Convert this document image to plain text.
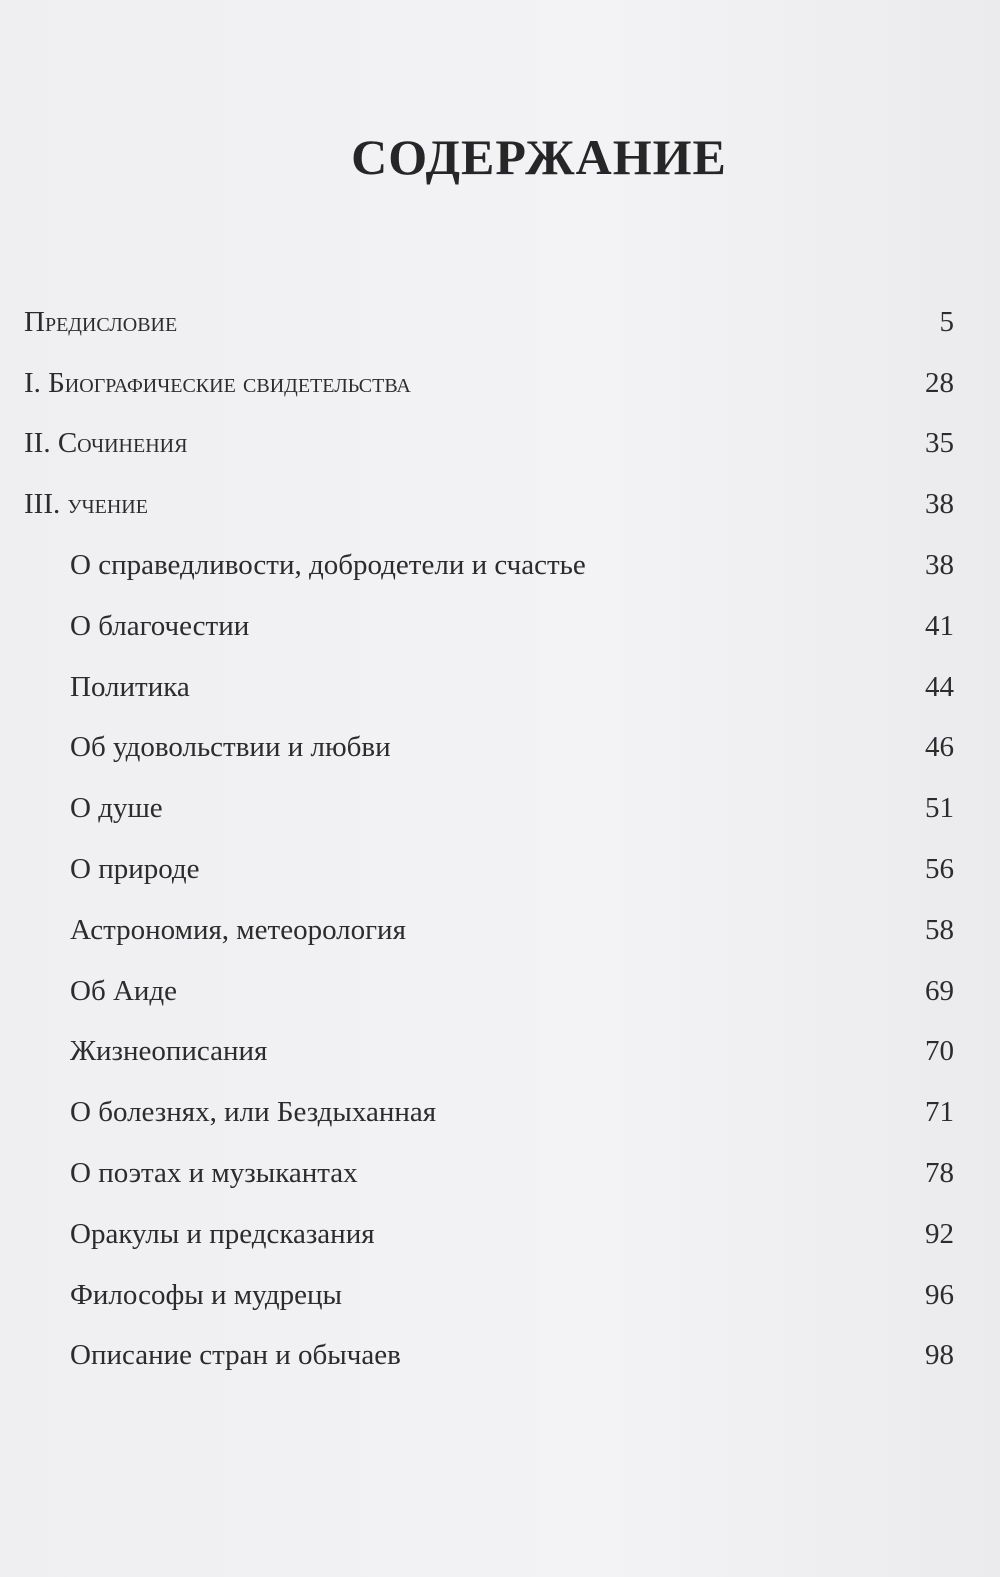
СОДЕРЖАНИЕ
Предисловие	5
I. Биографические свидетельства	28
II. Сочинения	35
III. учение	38
О справедливости, добродетели и счастье	38
О благочестии	41
Политика	44
Об удовольствии и любви	46
О душе	51
О природе	56
Астрономия, метеорология	58
Об Аиде	69
Жизнеописания	70
О болезнях, или Бездыханная	71
О поэтах и музыкантах	78
Оракулы и предсказания	92
Философы и мудрецы	96
Описание стран и обычаев	98
